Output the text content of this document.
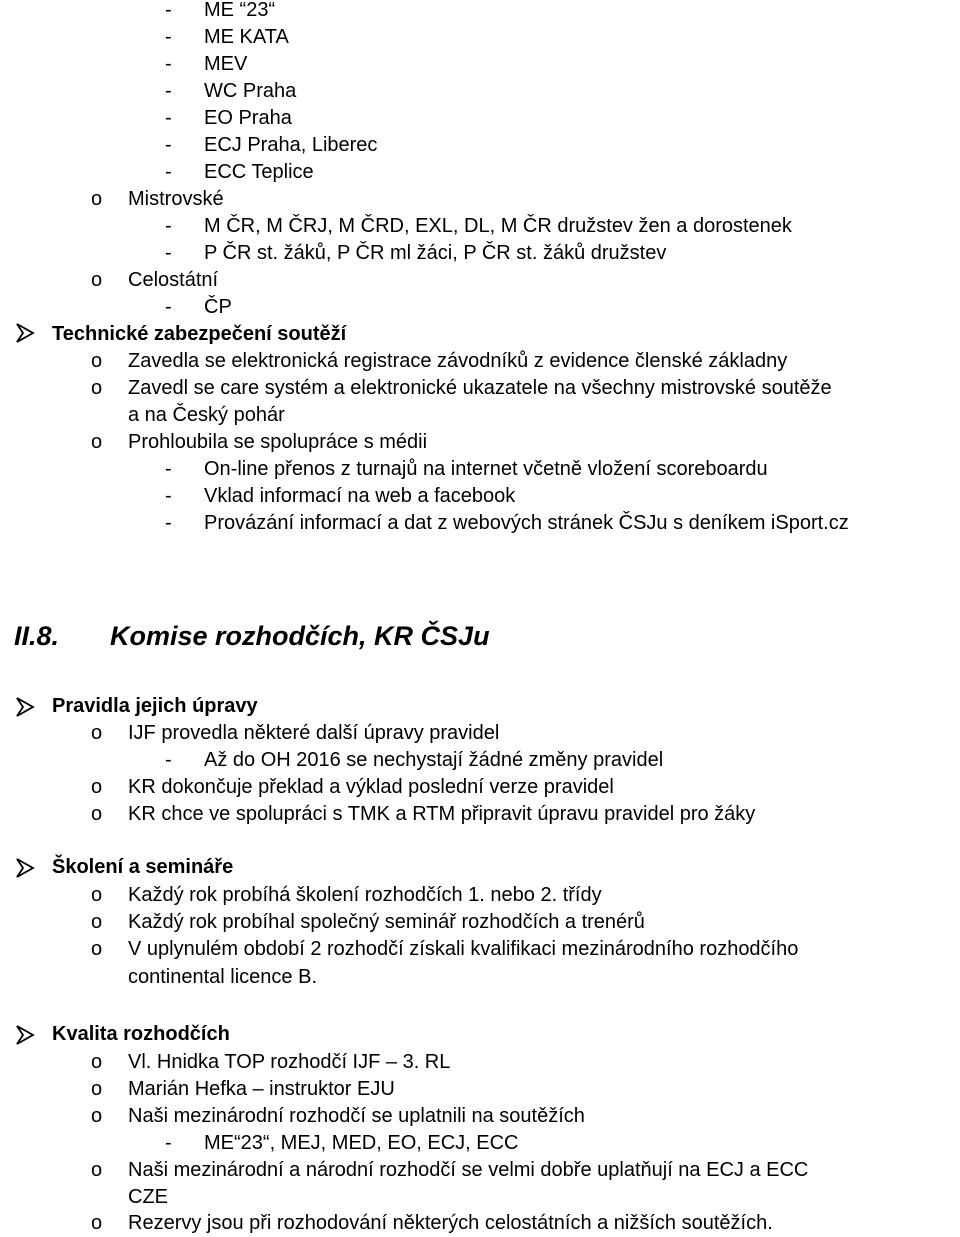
-	ME “23“
-	ME KATA
-	MEV
-	WC Praha
-	EO Praha
-	ECJ Praha, Liberec
-	ECC Teplice
o	Mistrovské
-	M ČR, M ČRJ, M ČRD, EXL, DL, M ČR družstev žen a dorostenek
-	P ČR st. žáků, P ČR ml žáci, P ČR st. žáků družstev
o	Celostátní
-	ČP
Technické zabezpečení soutěží
o	Zavedla se elektronická registrace závodníků z evidence členské základny
o	Zavedl se care systém a elektronické ukazatele na všechny mistrovské soutěže
a na Český pohár
o	Prohloubila se spolupráce s médii
-	On-line přenos z turnajů na internet včetně vložení scoreboardu
-	Vklad informací na web a facebook
-	Provázání informací a dat z webových stránek ČSJu s deníkem iSport.cz
II.8. Komise rozhodčích, KR ČSJu
Pravidla jejich úpravy
o	IJF provedla některé další úpravy pravidel
-	Až do OH 2016 se nechystají žádné změny pravidel
o	KR dokončuje překlad a výklad poslední verze pravidel
o	KR chce ve spolupráci s TMK a RTM připravit úpravu pravidel pro žáky
Školení a semináře
o	Každý rok probíhá školení rozhodčích 1. nebo 2. třídy
o	Každý rok probíhal společný seminář rozhodčích a trenérů
o	V uplynulém období 2 rozhodčí získali kvalifikaci mezinárodního rozhodčího
continental licence B.
Kvalita rozhodčích
o	Vl. Hnidka TOP rozhodčí IJF – 3. RL
o	Marián Hefka – instruktor EJU
o	Naši mezinárodní rozhodčí se uplatnili na soutěžích
-	ME“23“, MEJ, MED, EO, ECJ, ECC
o	Naši mezinárodní a národní rozhodčí se velmi dobře uplatňují na ECJ a ECC
CZE
o	Rezervy jsou při rozhodování některých celostátních a nižších soutěžích.
